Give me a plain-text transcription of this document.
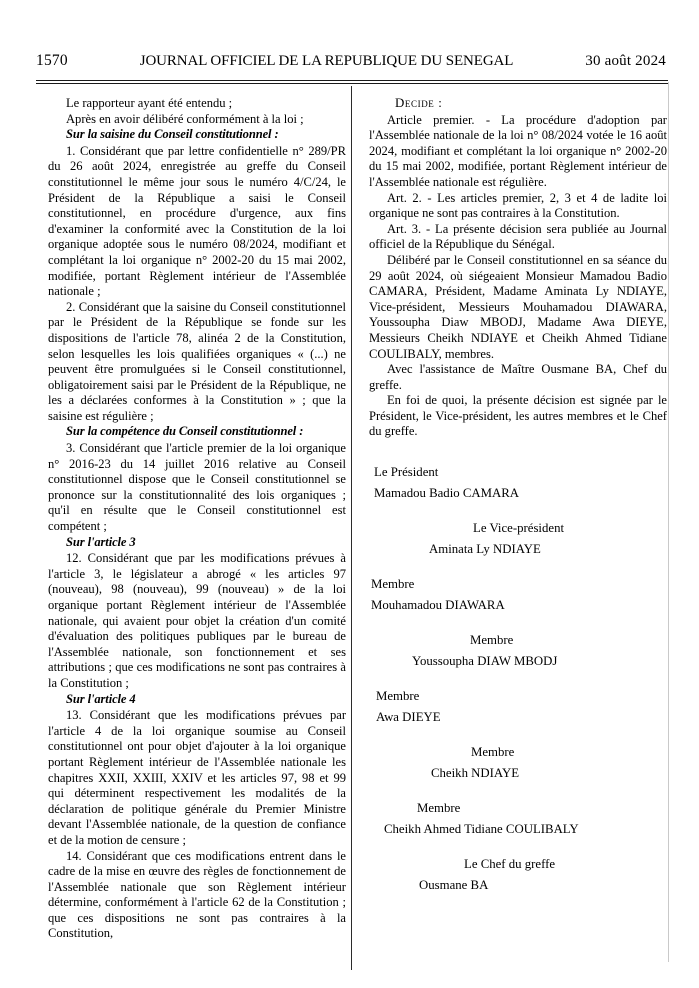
1570	JOURNAL OFFICIEL DE LA REPUBLIQUE DU SENEGAL	30 août 2024

Le rapporteur ayant été entendu ;

Après en avoir délibéré conformément à la loi ;

Sur la saisine du Conseil constitutionnel :

1. Considérant que par lettre confidentielle n° 289/PR du 26 août 2024, enregistrée au greffe du Conseil constitutionnel le même jour sous le numéro 4/C/24, le Président de la République a saisi le Conseil constitutionnel, en procédure d'urgence, aux fins d'examiner la conformité avec la Constitution de la loi organique adoptée sous le numéro 08/2024, modifiant et complétant la loi organique n° 2002-20 du 15 mai 2002, modifiée, portant Règlement intérieur de l'Assemblée nationale ;

2. Considérant que la saisine du Conseil constitutionnel par le Président de la République se fonde sur les dispositions de l'article 78, alinéa 2 de la Constitution, selon lesquelles les lois qualifiées organiques « (...) ne peuvent être promulguées si le Conseil constitutionnel, obligatoirement saisi par le Président de la République, ne les a déclarées conformes à la Constitution » ; que la saisine est régulière ;

Sur la compétence du Conseil constitutionnel :

3. Considérant que l'article premier de la loi organique n° 2016-23 du 14 juillet 2016 relative au Conseil constitutionnel dispose que le Conseil constitutionnel se prononce sur la constitutionnalité des lois organiques ; qu'il en résulte que le Conseil constitutionnel est compétent ;

Sur l'article 3

12. Considérant que par les modifications prévues à l'article 3, le législateur a abrogé « les articles 97 (nouveau), 98 (nouveau), 99 (nouveau) » de la loi organique portant Règlement intérieur de l'Assemblée nationale, qui avaient pour objet la création d'un comité d'évaluation des politiques publiques par le bureau de l'Assemblée nationale, son fonctionnement et ses attributions ; que ces modifications ne sont pas contraires à la Constitution ;

Sur l'article 4

13. Considérant que les modifications prévues par l'article 4 de la loi organique soumise au Conseil constitutionnel ont pour objet d'ajouter à la loi organique portant Règlement intérieur de l'Assemblée nationale les chapitres XXII, XXIII, XXIV et les articles 97, 98 et 99 qui déterminent respectivement les modalités de la déclaration de politique générale du Premier Ministre devant l'Assemblée nationale, de la question de confiance et de la motion de censure ;

14. Considérant que ces modifications entrent dans le cadre de la mise en œuvre des règles de fonctionnement de l'Assemblée nationale que son Règlement intérieur détermine, conformément à l'article 62 de la Constitution ; que ces dispositions ne sont pas contraires à la Constitution,

Decide :

Article premier. - La procédure d'adoption par l'Assemblée nationale de la loi n° 08/2024 votée le 16 août 2024, modifiant et complétant la loi organique n° 2002-20 du 15 mai 2002, modifiée, portant Règlement intérieur de l'Assemblée nationale est régulière.

Art. 2. - Les articles premier, 2, 3 et 4 de ladite loi organique ne sont pas contraires à la Constitution.

Art. 3. - La présente décision sera publiée au Journal officiel de la République du Sénégal.

Délibéré par le Conseil constitutionnel en sa séance du 29 août 2024, où siégeaient Monsieur Mamadou Badio CAMARA, Président, Madame Aminata Ly NDIAYE, Vice-président, Messieurs Mouhamadou DIAWARA, Youssoupha Diaw MBODJ, Madame Awa DIEYE, Messieurs Cheikh NDIAYE et Cheikh Ahmed Tidiane COULIBALY, membres.

Avec l'assistance de Maître Ousmane BA, Chef du greffe.

En foi de quoi, la présente décision est signée par le Président, le Vice-président, les autres membres et le Chef du greffe.

Le Président
Mamadou Badio CAMARA
Le Vice-président
Aminata Ly NDIAYE
Membre
Mouhamadou DIAWARA
Membre
Youssoupha DIAW MBODJ
Membre
Awa DIEYE
Membre
Cheikh NDIAYE
Membre
Cheikh Ahmed Tidiane COULIBALY
Le Chef du greffe
Ousmane BA
